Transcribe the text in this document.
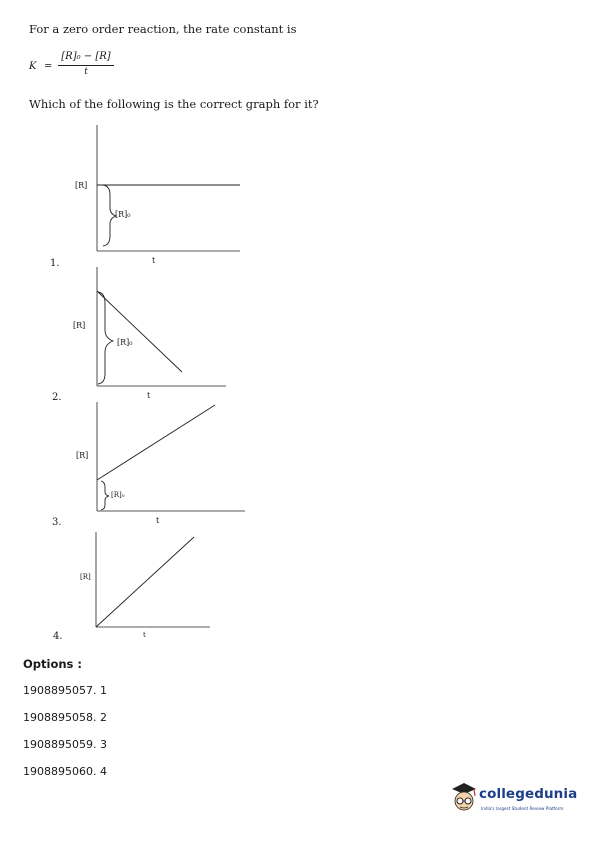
For a zero order reaction, the rate constant is
K =
[R]₀ − [R]
t
Which of the following is the correct graph for it?
[R]
[R]₀
t
1.
[R]
[R]₀
t
2.
[R]
[R]₀
t
3.
[R]
t
4.
Options :
1908895057. 1
1908895058. 2
1908895059. 3
1908895060. 4
collegedunia
India's largest Student Review Platform
